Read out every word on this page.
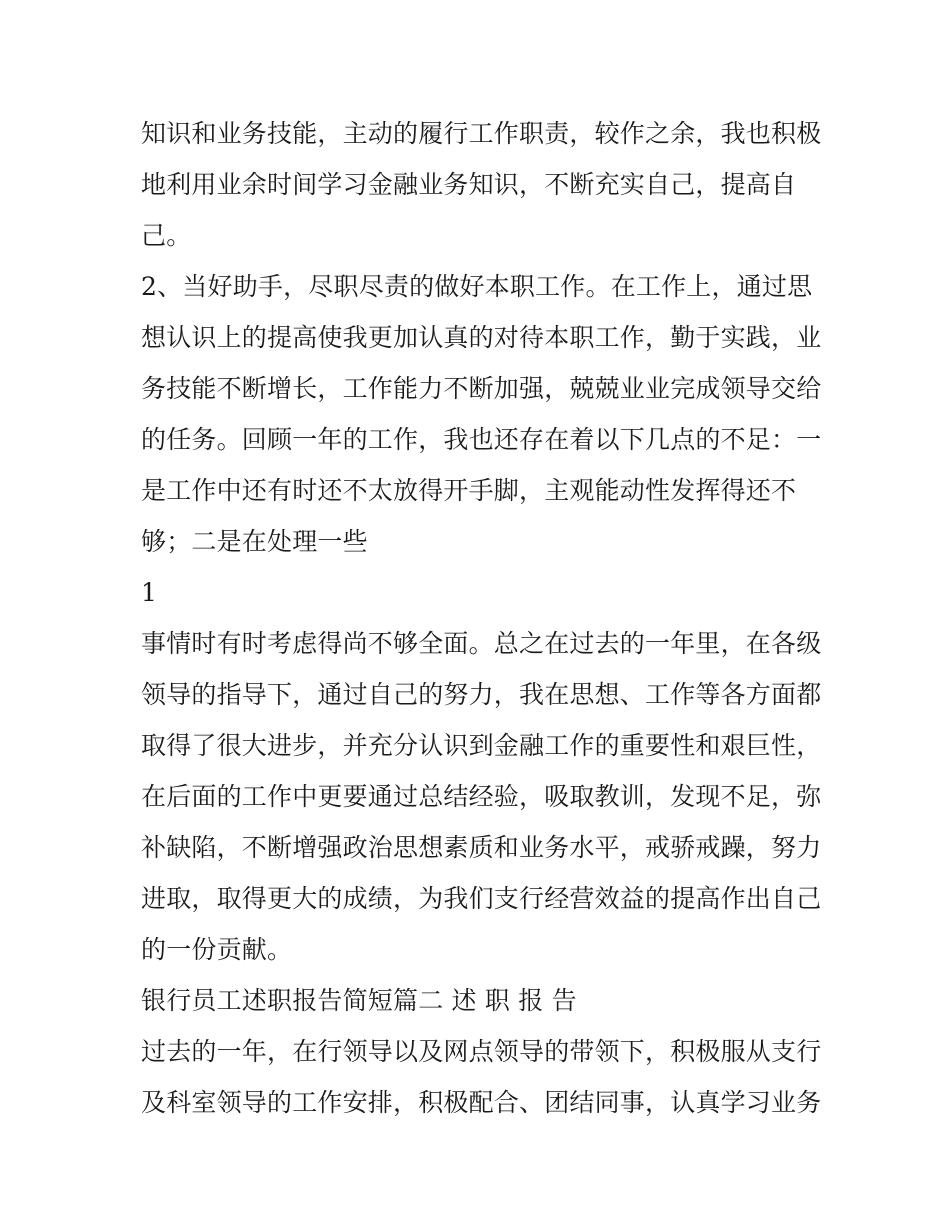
知识和业务技能，主动的履行工作职责，较作之余，我也积极
地利用业余时间学习金融业务知识，不断充实自己，提高自
己。
2、当好助手，尽职尽责的做好本职工作。在工作上，通过思
想认识上的提高使我更加认真的对待本职工作，勤于实践，业
务技能不断增长，工作能力不断加强，兢兢业业完成领导交给
的任务。回顾一年的工作，我也还存在着以下几点的不足：一
是工作中还有时还不太放得开手脚，主观能动性发挥得还不
够；二是在处理一些
1
事情时有时考虑得尚不够全面。总之在过去的一年里，在各级
领导的指导下，通过自己的努力，我在思想、工作等各方面都
取得了很大进步，并充分认识到金融工作的重要性和艰巨性，
在后面的工作中更要通过总结经验，吸取教训，发现不足，弥
补缺陷，不断增强政治思想素质和业务水平，戒骄戒躁，努力
进取，取得更大的成绩，为我们支行经营效益的提高作出自己
的一份贡献。
银行员工述职报告简短篇二 述 职 报 告
过去的一年，在行领导以及网点领导的带领下，积极服从支行
及科室领导的工作安排，积极配合、团结同事，认真学习业务
